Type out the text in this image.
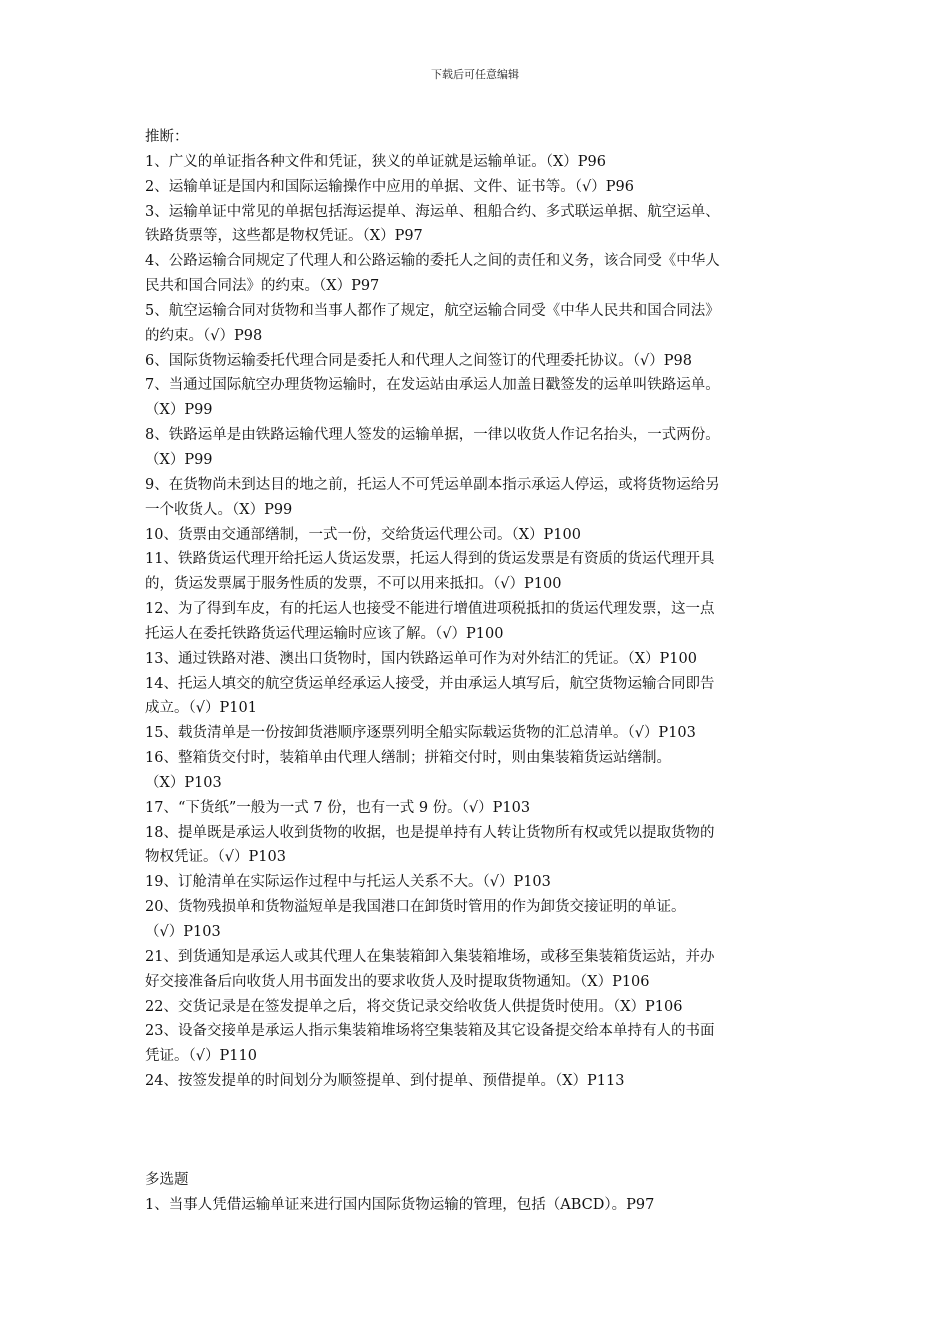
下载后可任意编辑
推断：
1、广义的单证指各种文件和凭证，狭义的单证就是运输单证。（X）P96
2、运输单证是国内和国际运输操作中应用的单据、文件、证书等。（√）P96
3、运输单证中常见的单据包括海运提单、海运单、租船合约、多式联运单据、航空运单、
铁路货票等，这些都是物权凭证。（X）P97
4、公路运输合同规定了代理人和公路运输的委托人之间的责任和义务，该合同受《中华人
民共和国合同法》的约束。（X）P97
5、航空运输合同对货物和当事人都作了规定，航空运输合同受《中华人民共和国合同法》
的约束。（√）P98
6、国际货物运输委托代理合同是委托人和代理人之间签订的代理委托协议。（√）P98
7、当通过国际航空办理货物运输时，在发运站由承运人加盖日戳签发的运单叫铁路运单。
（X）P99
8、铁路运单是由铁路运输代理人签发的运输单据，一律以收货人作记名抬头，一式两份。
（X）P99
9、在货物尚未到达目的地之前，托运人不可凭运单副本指示承运人停运，或将货物运给另
一个收货人。（X）P99
10、货票由交通部缮制，一式一份，交给货运代理公司。（X）P100
11、铁路货运代理开给托运人货运发票，托运人得到的货运发票是有资质的货运代理开具
的，货运发票属于服务性质的发票，不可以用来抵扣。（√）P100
12、为了得到车皮，有的托运人也接受不能进行增值进项税抵扣的货运代理发票，这一点
托运人在委托铁路货运代理运输时应该了解。（√）P100
13、通过铁路对港、澳出口货物时，国内铁路运单可作为对外结汇的凭证。（X）P100
14、托运人填交的航空货运单经承运人接受，并由承运人填写后，航空货物运输合同即告
成立。（√）P101
15、载货清单是一份按卸货港顺序逐票列明全船实际载运货物的汇总清单。（√）P103
16、整箱货交付时，装箱单由代理人缮制；拼箱交付时，则由集装箱货运站缮制。
（X）P103
17、“下货纸”一般为一式 7 份，也有一式 9 份。（√）P103
18、提单既是承运人收到货物的收据，也是提单持有人转让货物所有权或凭以提取货物的
物权凭证。（√）P103
19、订舱清单在实际运作过程中与托运人关系不大。（√）P103
20、货物残损单和货物溢短单是我国港口在卸货时管用的作为卸货交接证明的单证。
（√）P103
21、到货通知是承运人或其代理人在集装箱卸入集装箱堆场，或移至集装箱货运站，并办
好交接准备后向收货人用书面发出的要求收货人及时提取货物通知。（X）P106
22、交货记录是在签发提单之后，将交货记录交给收货人供提货时使用。（X）P106
23、设备交接单是承运人指示集装箱堆场将空集装箱及其它设备提交给本单持有人的书面
凭证。（√）P110
24、按签发提单的时间划分为顺签提单、到付提单、预借提单。（X）P113
多选题
1、当事人凭借运输单证来进行国内国际货物运输的管理，包括（ABCD）。P97
